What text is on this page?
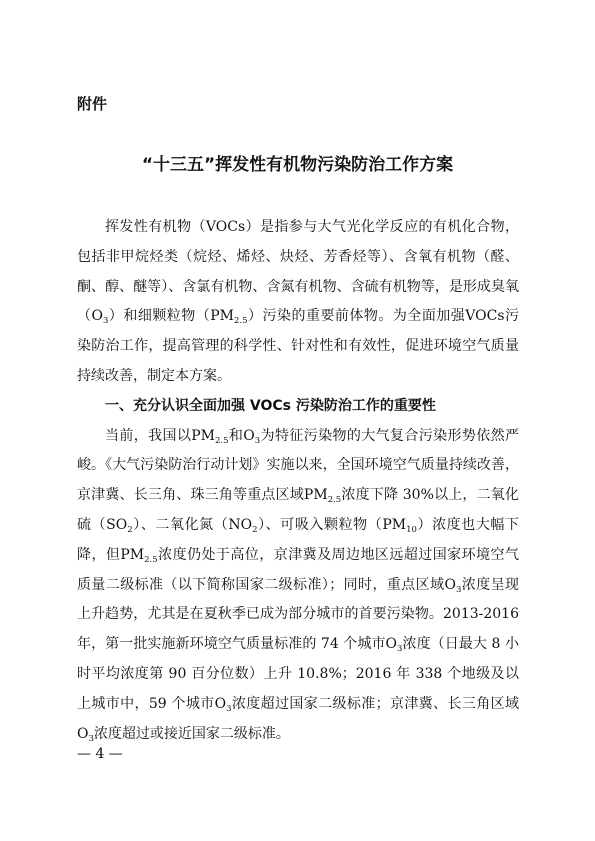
附件
“十三五”挥发性有机物污染防治工作方案

挥发性有机物（VOCs）是指参与大气光化学反应的有机化合物，包括非甲烷烃类（烷烃、烯烃、炔烃、芳香烃等）、含氧有机物（醛、酮、醇、醚等）、含氯有机物、含氮有机物、含硫有机物等，是形成臭氧$(O_3)$和细颗粒物$(PM_{2.5})$污染的重要前体物。为全面加强VOCs污染防治工作，提高管理的科学性、针对性和有效性，促进环境空气质量持续改善，制定本方案。

一、充分认识全面加强 VOCs 污染防治工作的重要性

当前，我国以$PM_{2.5}$和$O_3$为特征污染物的大气复合污染形势依然严峻。《大气污染防治行动计划》实施以来，全国环境空气质量持续改善，京津冀、长三角、珠三角等重点区域$PM_{2.5}$浓度下降 30%以上，二氧化硫$(SO_2)$、二氧化氮$(NO_2)$、可吸入颗粒物$(PM_{10})$浓度也大幅下降，但$PM_{2.5}$浓度仍处于高位，京津冀及周边地区远超过国家环境空气质量二级标准（以下简称国家二级标准）；同时，重点区域$O_3$浓度呈现上升趋势，尤其是在夏秋季已成为部分城市的首要污染物。2013-2016 年，第一批实施新环境空气质量标准的 74 个城市$O_3$浓度（日最大 8 小时平均浓度第 90 百分位数）上升 10.8%；2016 年 338 个地级及以上城市中，59 个城市$O_3$浓度超过国家二级标准；京津冀、长三角区域$O_3$浓度超过或接近国家二级标准。

— 4 —
